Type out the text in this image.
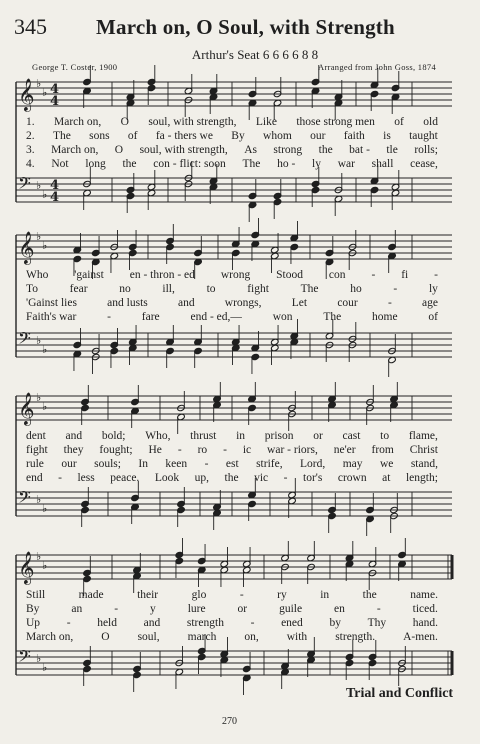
345 March on, O Soul, with Strength
Arthur's Seat 6 6 6 6 8 8
George T. Coster, 1900	Arranged from John Goss, 1874
𝄞 ♭
♭ 4
4
𝄢 ♭
♭
4
4
𝄞 ♭
♭
𝄢 ♭
♭
𝄞 ♭
♭
𝄢 ♭
♭
𝄞 ♭
♭
𝄢 ♭
♭
1. March on, O soul, with strength, Like those strong men of old
2. The sons of fa - thers we By whom our faith is taught
3. March on, O soul, with strength, As strong the bat - tle rolls;
4. Not long the con - flict: soon The ho - ly war shall cease,
Who 'gainst en - thron - ed wrong Stood con - fi -
To	fear	no	ill,	to	fight	The	ho	-	ly
'Gainst lies	and lusts	and	wrongs,	Let	cour	-	age
Faith's war	-	fare	end - ed,—	won	The	home	of
dent and bold; Who, thrust in prison or cast to flame,
fight they fought; He - ro - ic war - riors, ne'er from Christ
rule our souls; In keen - est strife, Lord, may we stand,
end - less peace. Look up, the vic - tor's crown at length;
Still	made	their	glo	-	ry	in	the	name.
By	an	-	y	lure	or	guile	en	-	ticed.
Up - held and strength - ened by Thy hand.
March on, O soul, march on, with strength. A-men.
Trial and Conflict
270
